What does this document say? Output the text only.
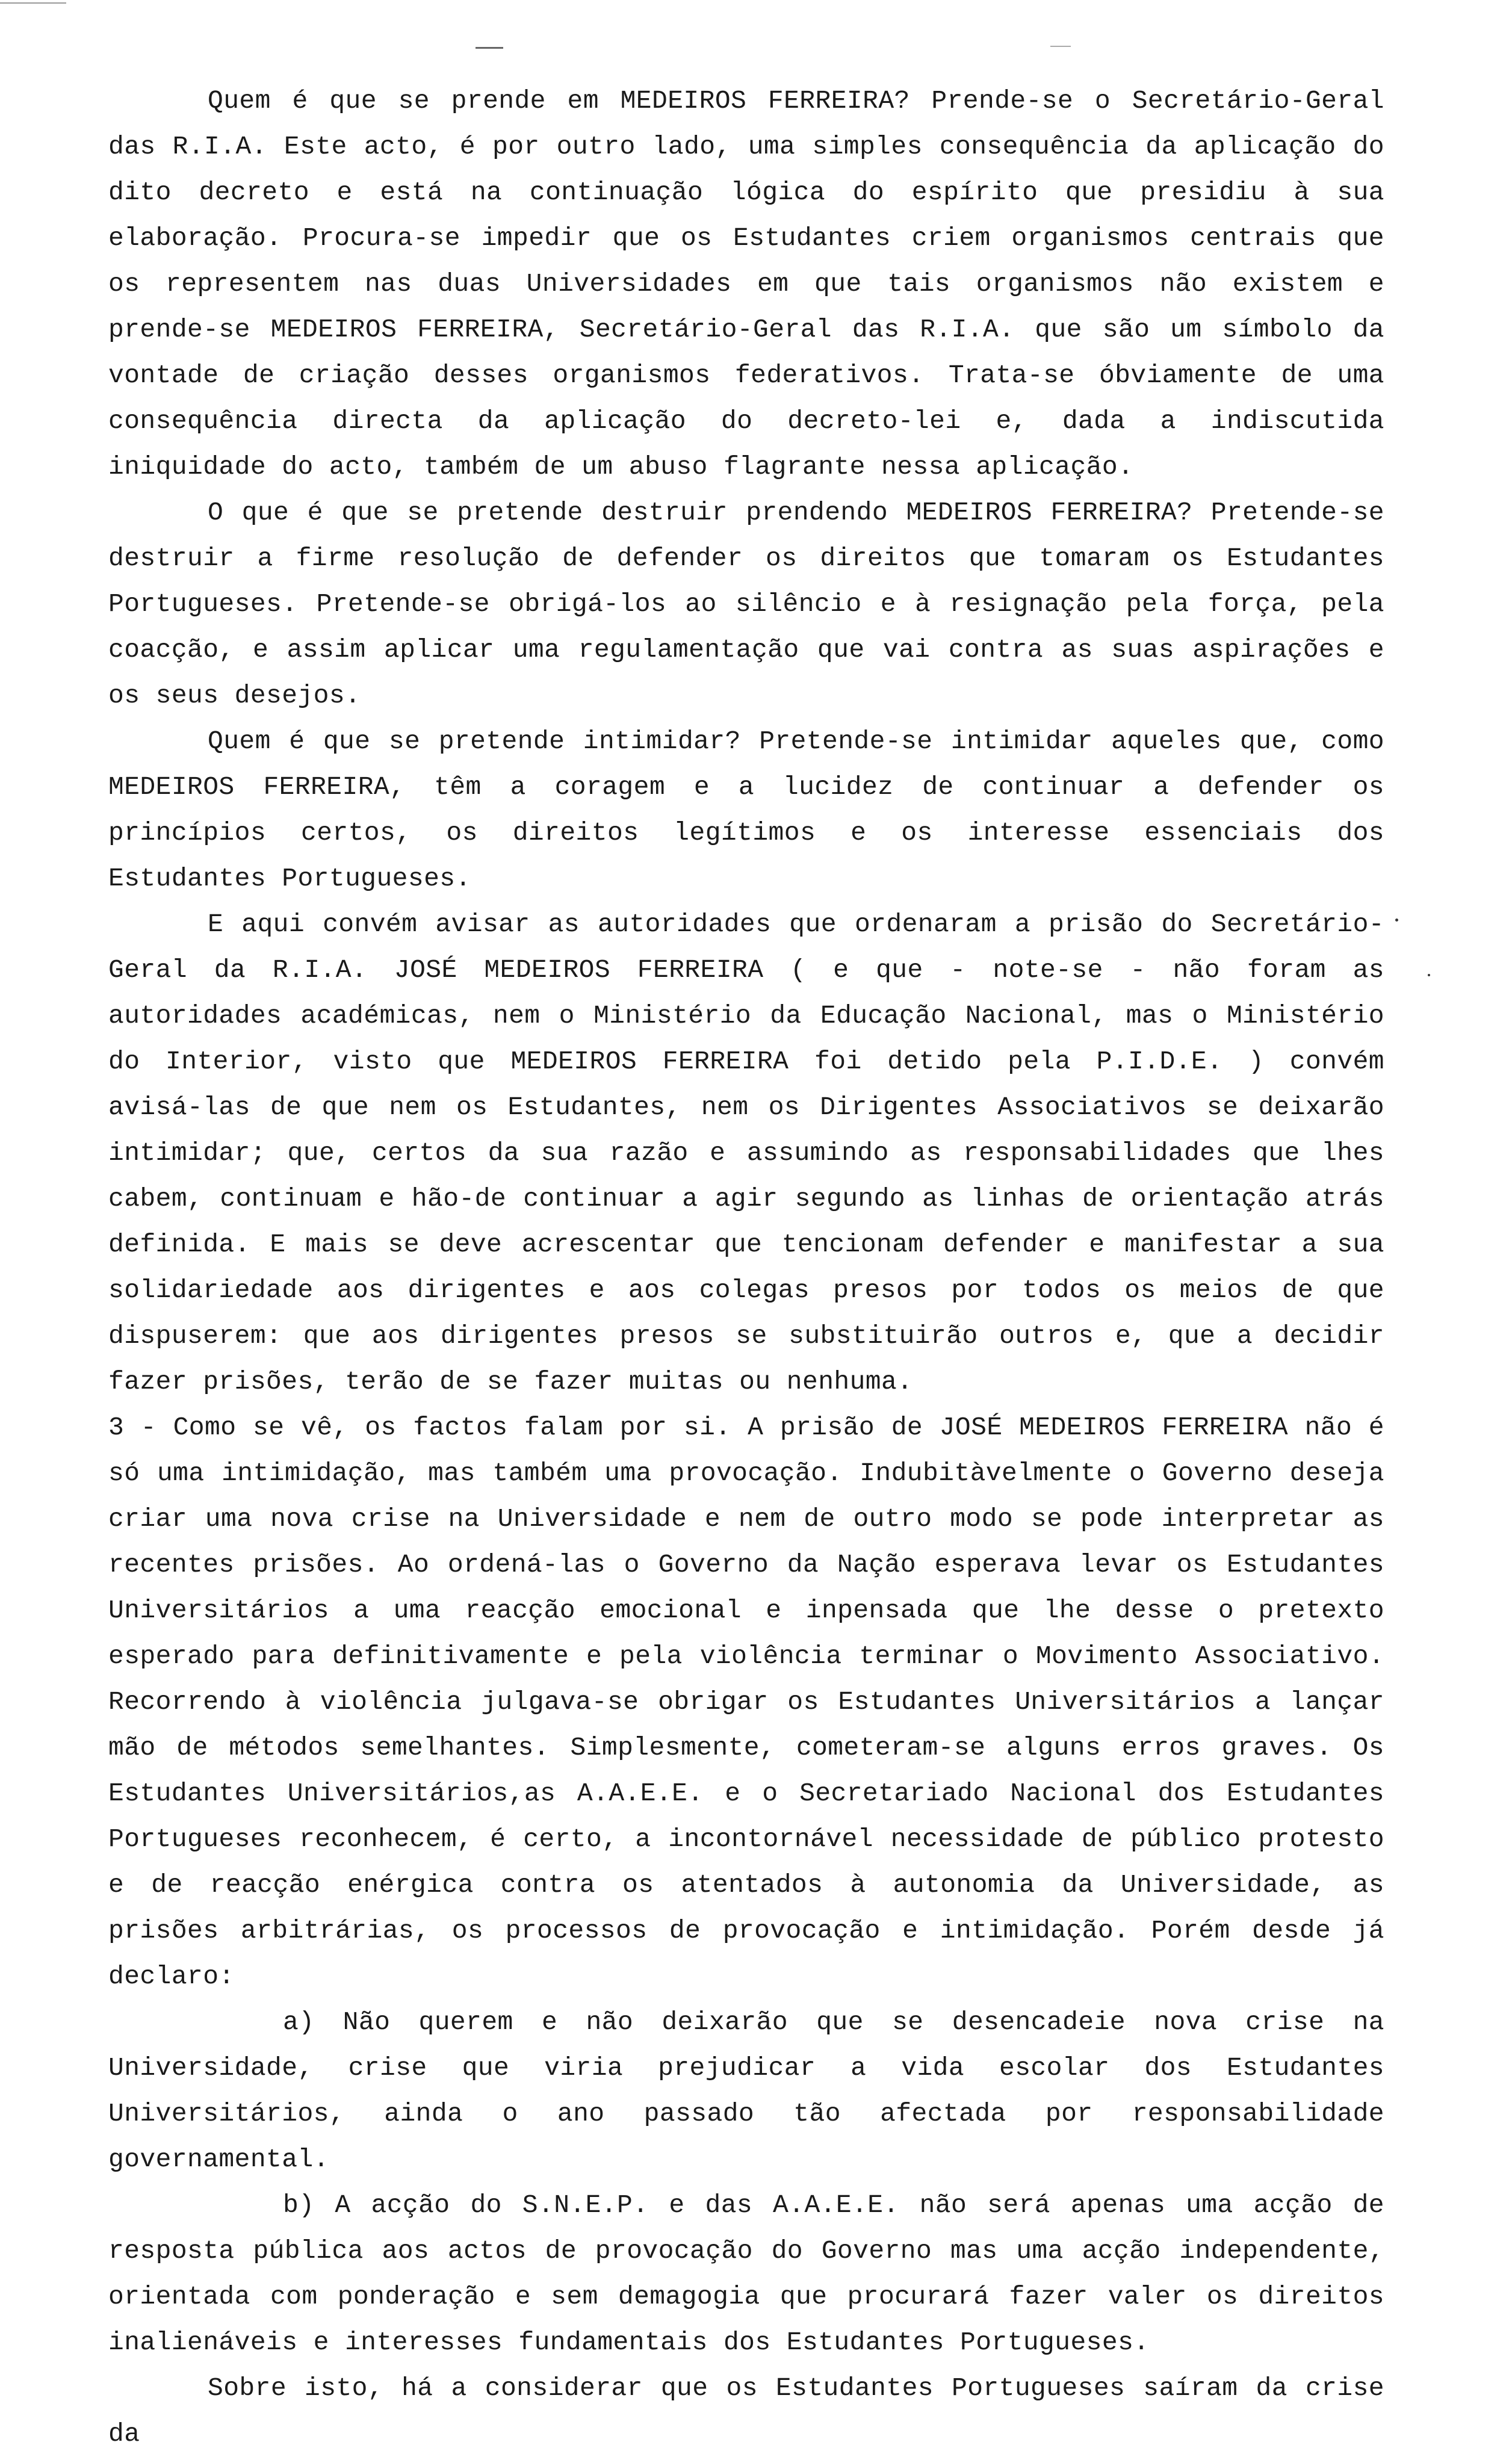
Quem é que se prende em MEDEIROS FERREIRA? Prende-se o Secretário-Geral das R.I.A. Este acto, é por outro lado, uma simples consequência da aplicação do dito decreto e está na continuação lógica do espírito que presidiu à sua elaboração. Procura-se impedir que os Estudantes criem organismos centrais que os representem nas duas Universidades em que tais organismos não existem e prende-se MEDEIROS FERREIRA, Secretário-Geral das R.I.A. que são um símbolo da vontade de criação desses organismos federativos. Trata-se óbviamente de uma consequência directa da aplicação do decreto-lei e, dada a indiscutida iniquidade do acto, também de um abuso flagrante nessa aplicação.

O que é que se pretende destruir prendendo MEDEIROS FERREIRA? Pretende-se destruir a firme resolução de defender os direitos que tomaram os Estudantes Portugueses. Pretende-se obrigá-los ao silêncio e à resignação pela força, pela coacção, e assim aplicar uma regulamentação que vai contra as suas aspirações e os seus desejos.

Quem é que se pretende intimidar? Pretende-se intimidar aqueles que, como MEDEIROS FERREIRA, têm a coragem e a lucidez de continuar a defender os princípios certos, os direitos legítimos e os interesse essenciais dos Estudantes Portugueses.

E aqui convém avisar as autoridades que ordenaram a prisão do Secretário-Geral da R.I.A. JOSÉ MEDEIROS FERREIRA ( e que - note-se - não foram as autoridades académicas, nem o Ministério da Educação Nacional, mas o Ministério do Interior, visto que MEDEIROS FERREIRA foi detido pela P.I.D.E. ) convém avisá-las de que nem os Estudantes, nem os Dirigentes Associativos se deixarão intimidar; que, certos da sua razão e assumindo as responsabilidades que lhes cabem, continuam e hão-de continuar a agir segundo as linhas de orientação atrás definida. E mais se deve acrescentar que tencionam defender e manifestar a sua solidariedade aos dirigentes e aos colegas presos por todos os meios de que dispuserem: que aos dirigentes presos se substituirão outros e, que a decidir fazer prisões, terão de se fazer muitas ou nenhuma.

3 - Como se vê, os factos falam por si. A prisão de JOSÉ MEDEIROS FERREIRA não é só uma intimidação, mas também uma provocação. Indubitàvelmente o Governo deseja criar uma nova crise na Universidade e nem de outro modo se pode interpretar as recentes prisões. Ao ordená-las o Governo da Nação esperava levar os Estudantes Universitários a uma reacção emocional e inpensada que lhe desse o pretexto esperado para definitivamente e pela violência terminar o Movimento Associativo. Recorrendo à violência julgava-se obrigar os Estudantes Universitários a lançar mão de métodos semelhantes. Simplesmente, cometeram-se alguns erros graves. Os Estudantes Universitários,as A.A.E.E. e o Secretariado Nacional dos Estudantes Portugueses reconhecem, é certo, a incontornável necessidade de público protesto e de reacção enérgica contra os atentados à autonomia da Universidade, as prisões arbitrárias, os processos de provocação e intimidação. Porém desde já declaro:

a) Não querem e não deixarão que se desencadeie nova crise na Universidade, crise que viria prejudicar a vida escolar dos Estudantes Universitários, ainda o ano passado tão afectada por responsabilidade governamental.

b) A acção do S.N.E.P. e das A.A.E.E. não será apenas uma acção de resposta pública aos actos de provocação do Governo mas uma acção independente, orientada com ponderação e sem demagogia que procurará fazer valer os direitos inalienáveis e interesses fundamentais dos Estudantes Portugueses.

Sobre isto, há a considerar que os Estudantes Portugueses saíram da crise da
